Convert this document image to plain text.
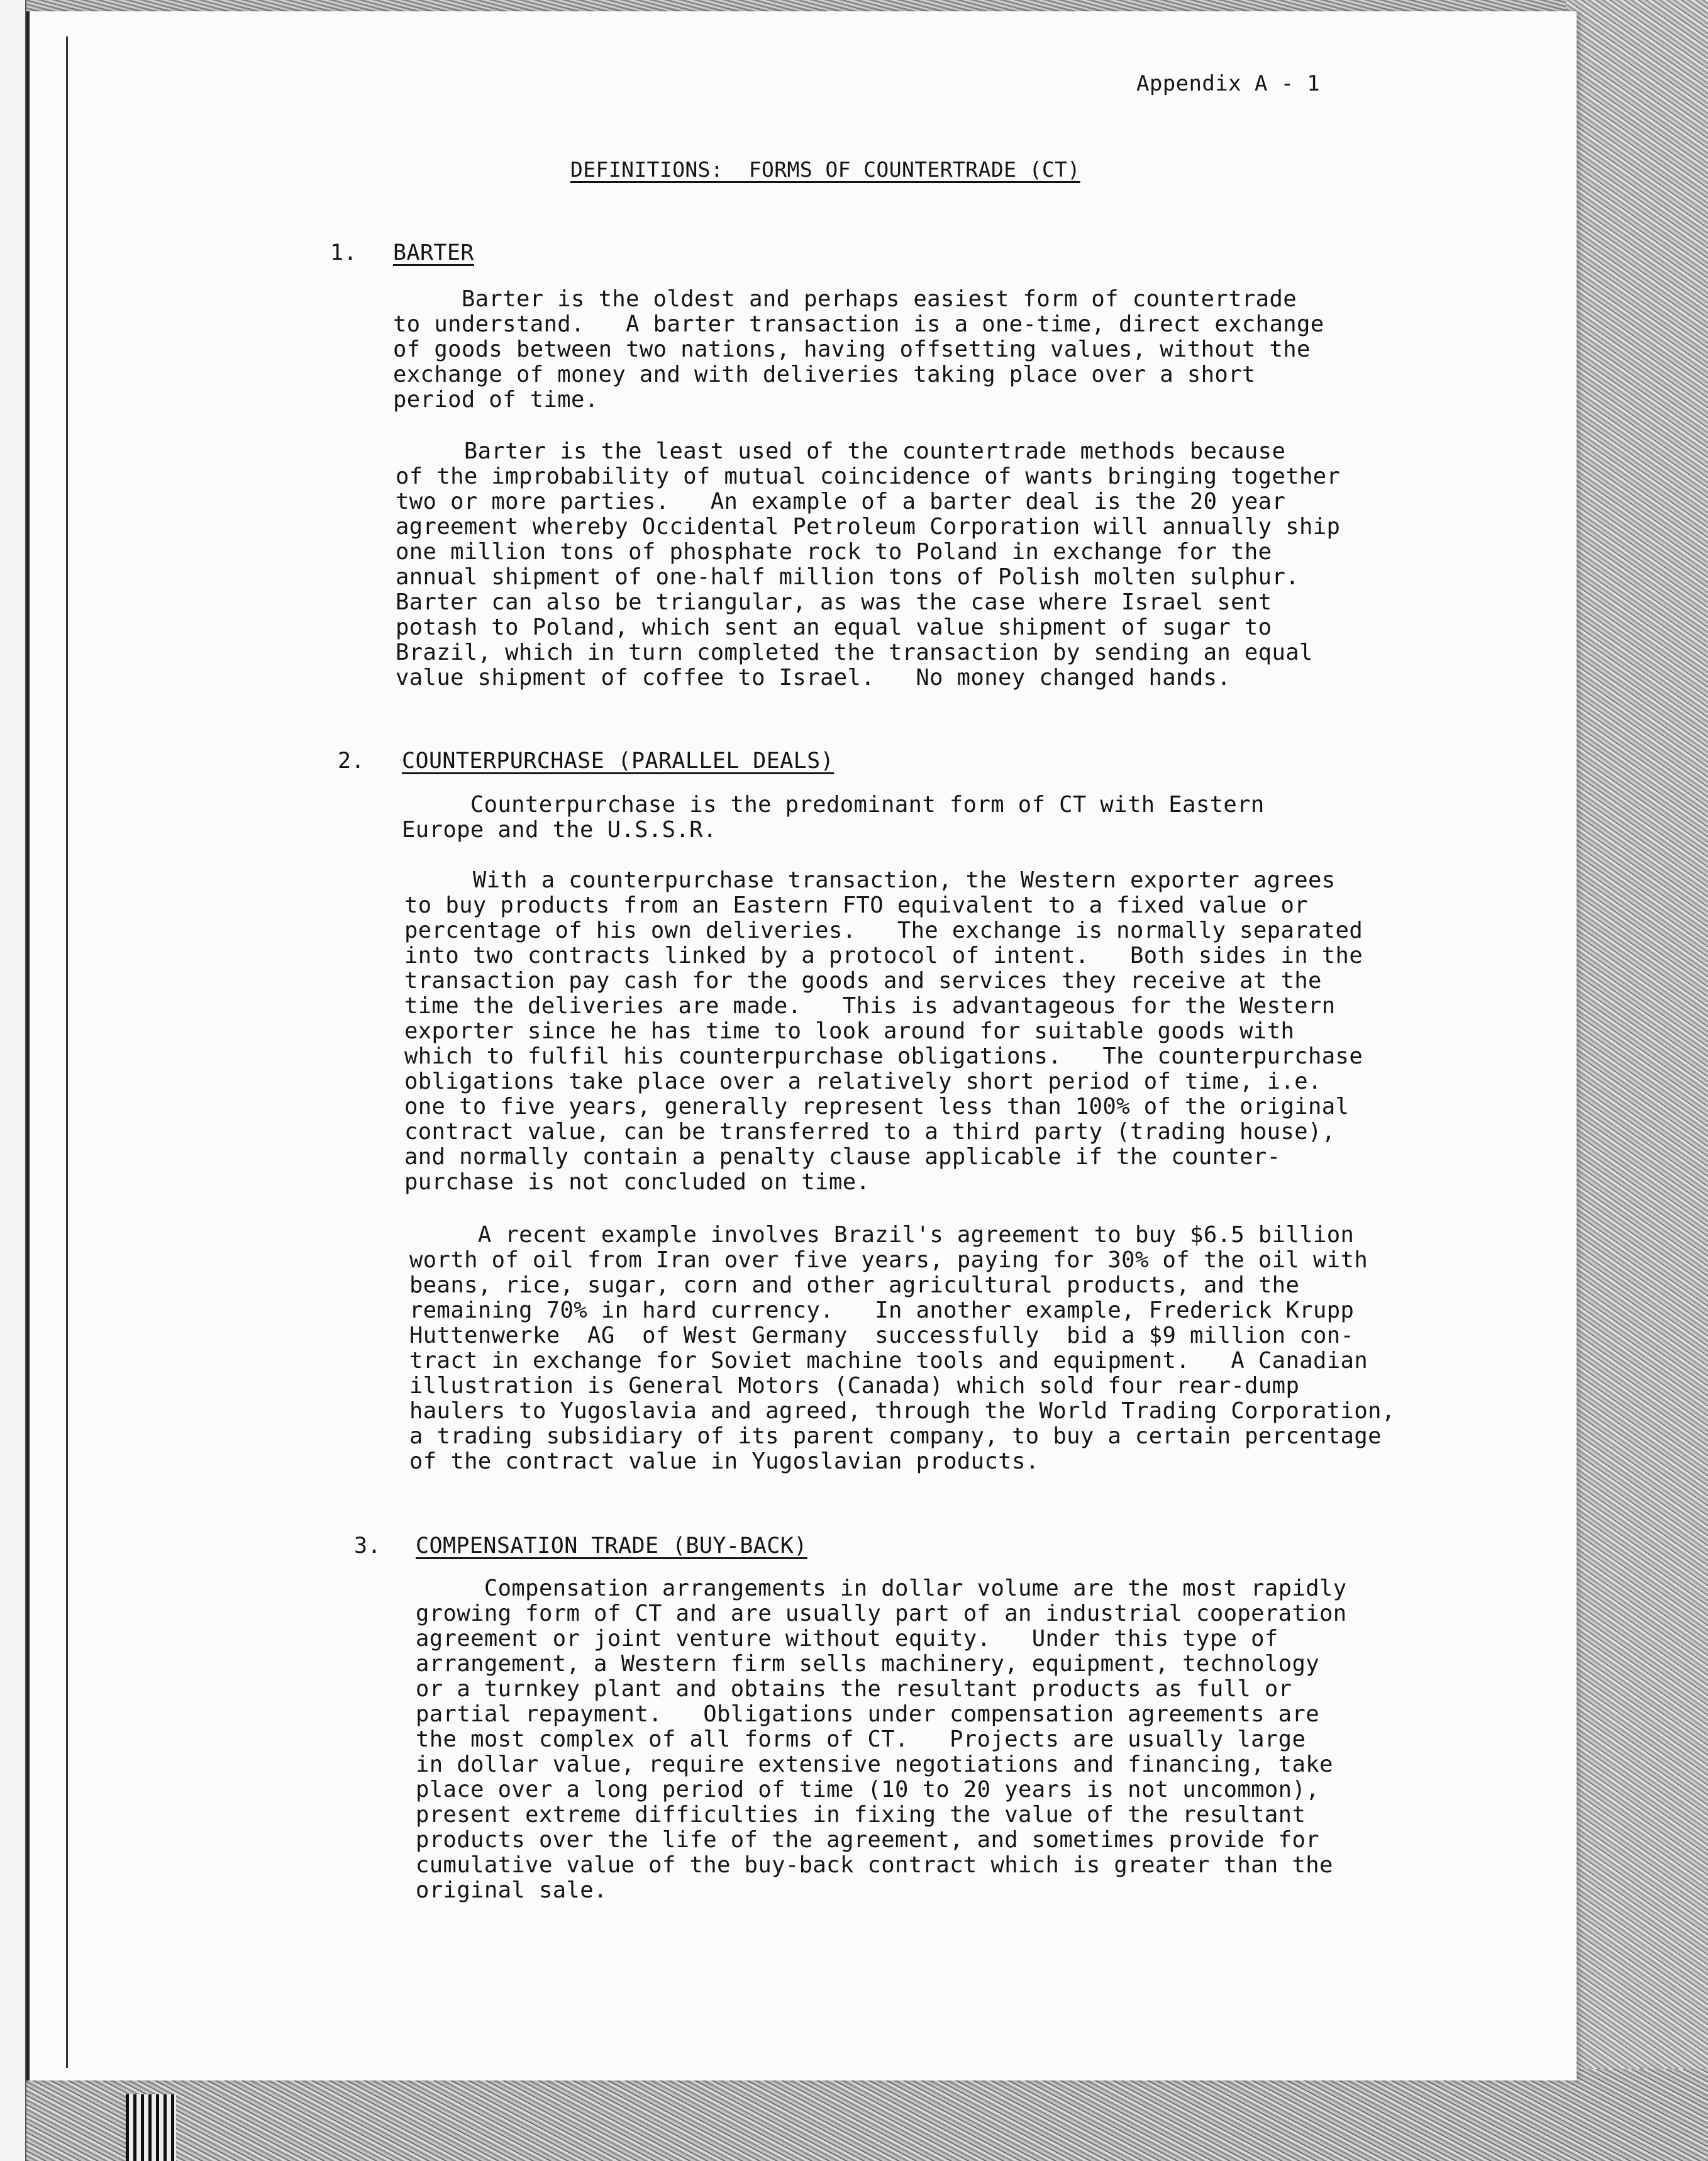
Appendix A - 1
DEFINITIONS:  FORMS OF COUNTERTRADE (CT)
1. BARTER
Barter is the oldest and perhaps easiest form of countertrade
to understand.   A barter transaction is a one-time, direct exchange
of goods between two nations, having offsetting values, without the
exchange of money and with deliveries taking place over a short
period of time.
Barter is the least used of the countertrade methods because
of the improbability of mutual coincidence of wants bringing together
two or more parties.   An example of a barter deal is the 20 year
agreement whereby Occidental Petroleum Corporation will annually ship
one million tons of phosphate rock to Poland in exchange for the
annual shipment of one-half million tons of Polish molten sulphur.
Barter can also be triangular, as was the case where Israel sent
potash to Poland, which sent an equal value shipment of sugar to
Brazil, which in turn completed the transaction by sending an equal
value shipment of coffee to Israel.   No money changed hands.
2. COUNTERPURCHASE (PARALLEL DEALS)
Counterpurchase is the predominant form of CT with Eastern
Europe and the U.S.S.R.
With a counterpurchase transaction, the Western exporter agrees
to buy products from an Eastern FTO equivalent to a fixed value or
percentage of his own deliveries.   The exchange is normally separated
into two contracts linked by a protocol of intent.   Both sides in the
transaction pay cash for the goods and services they receive at the
time the deliveries are made.   This is advantageous for the Western
exporter since he has time to look around for suitable goods with
which to fulfil his counterpurchase obligations.   The counterpurchase
obligations take place over a relatively short period of time, i.e.
one to five years, generally represent less than 100% of the original
contract value, can be transferred to a third party (trading house),
and normally contain a penalty clause applicable if the counter-
purchase is not concluded on time.
A recent example involves Brazil's agreement to buy $6.5 billion
worth of oil from Iran over five years, paying for 30% of the oil with
beans, rice, sugar, corn and other agricultural products, and the
remaining 70% in hard currency.   In another example, Frederick Krupp
Huttenwerke  AG  of West Germany  successfully  bid a $9 million con-
tract in exchange for Soviet machine tools and equipment.   A Canadian
illustration is General Motors (Canada) which sold four rear-dump
haulers to Yugoslavia and agreed, through the World Trading Corporation,
a trading subsidiary of its parent company, to buy a certain percentage
of the contract value in Yugoslavian products.
3. COMPENSATION TRADE (BUY-BACK)
Compensation arrangements in dollar volume are the most rapidly
growing form of CT and are usually part of an industrial cooperation
agreement or joint venture without equity.   Under this type of
arrangement, a Western firm sells machinery, equipment, technology
or a turnkey plant and obtains the resultant products as full or
partial repayment.   Obligations under compensation agreements are
the most complex of all forms of CT.   Projects are usually large
in dollar value, require extensive negotiations and financing, take
place over a long period of time (10 to 20 years is not uncommon),
present extreme difficulties in fixing the value of the resultant
products over the life of the agreement, and sometimes provide for
cumulative value of the buy-back contract which is greater than the
original sale.
